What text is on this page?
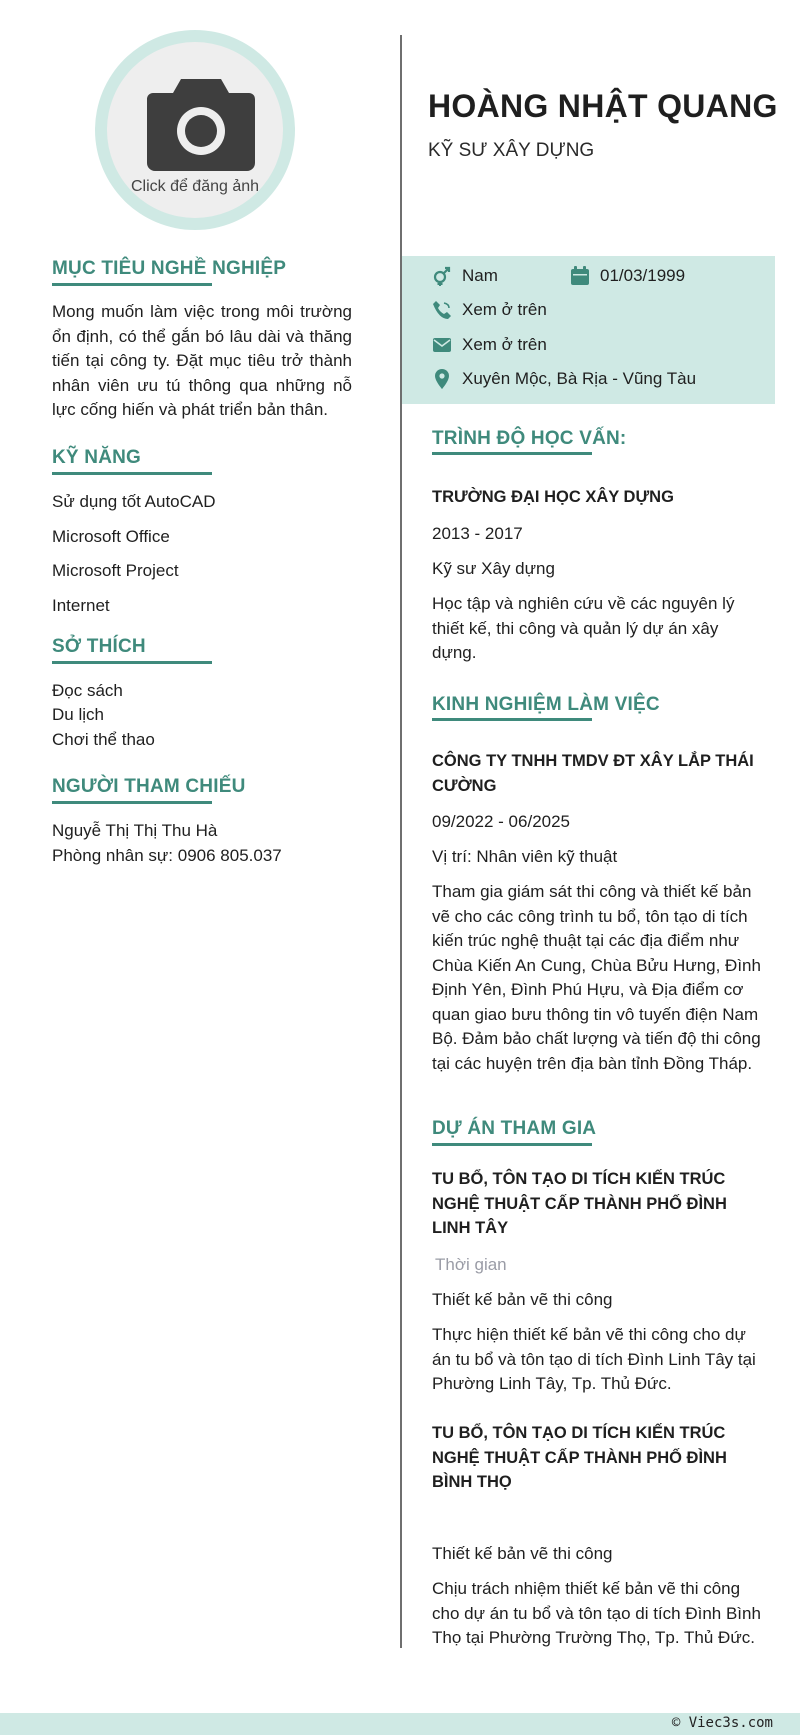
Click để đăng ảnh
MỤC TIÊU NGHỀ NGHIỆP
Mong muốn làm việc trong môi trường ổn định, có thể gắn bó lâu dài và thăng tiến tại công ty. Đặt mục tiêu trở thành nhân viên ưu tú thông qua những nỗ lực cống hiến và phát triển bản thân.
KỸ NĂNG
Sử dụng tốt AutoCAD
Microsoft Office
Microsoft Project
Internet
SỞ THÍCH
Đọc sách
Du lịch
Chơi thể thao
NGƯỜI THAM CHIẾU
Nguyễ Thị Thị Thu Hà
Phòng nhân sự: 0906 805.037
HOÀNG NHẬT QUANG
KỸ SƯ XÂY DỰNG
Nam	01/03/1999
Xem ở trên
Xem ở trên
Xuyên Mộc, Bà Rịa - Vũng Tàu
TRÌNH ĐỘ HỌC VẤN:
TRƯỜNG ĐẠI HỌC XÂY DỰNG
2013 - 2017
Kỹ sư Xây dựng
Học tập và nghiên cứu về các nguyên lý thiết kế, thi công và quản lý dự án xây dựng.
KINH NGHIỆM LÀM VIỆC
CÔNG TY TNHH TMDV ĐT XÂY LẮP THÁI CƯỜNG
09/2022 - 06/2025
Vị trí: Nhân viên kỹ thuật
Tham gia giám sát thi công và thiết kế bản vẽ cho các công trình tu bổ, tôn tạo di tích kiến trúc nghệ thuật tại các địa điểm như Chùa Kiến An Cung, Chùa Bửu Hưng, Đình Định Yên, Đình Phú Hựu, và Địa điểm cơ quan giao bưu thông tin vô tuyến điện Nam Bộ. Đảm bảo chất lượng và tiến độ thi công tại các huyện trên địa bàn tỉnh Đồng Tháp.
DỰ ÁN THAM GIA
TU BỔ, TÔN TẠO DI TÍCH KIẾN TRÚC NGHỆ THUẬT CẤP THÀNH PHỐ ĐÌNH LINH TÂY
Thời gian
Thiết kế bản vẽ thi công
Thực hiện thiết kế bản vẽ thi công cho dự án tu bổ và tôn tạo di tích Đình Linh Tây tại Phường Linh Tây, Tp. Thủ Đức.
TU BỔ, TÔN TẠO DI TÍCH KIẾN TRÚC NGHỆ THUẬT CẤP THÀNH PHỐ ĐÌNH BÌNH THỌ
Thiết kế bản vẽ thi công
Chịu trách nhiệm thiết kế bản vẽ thi công cho dự án tu bổ và tôn tạo di tích Đình Bình Thọ tại Phường Trường Thọ, Tp. Thủ Đức.
© Viec3s.com
